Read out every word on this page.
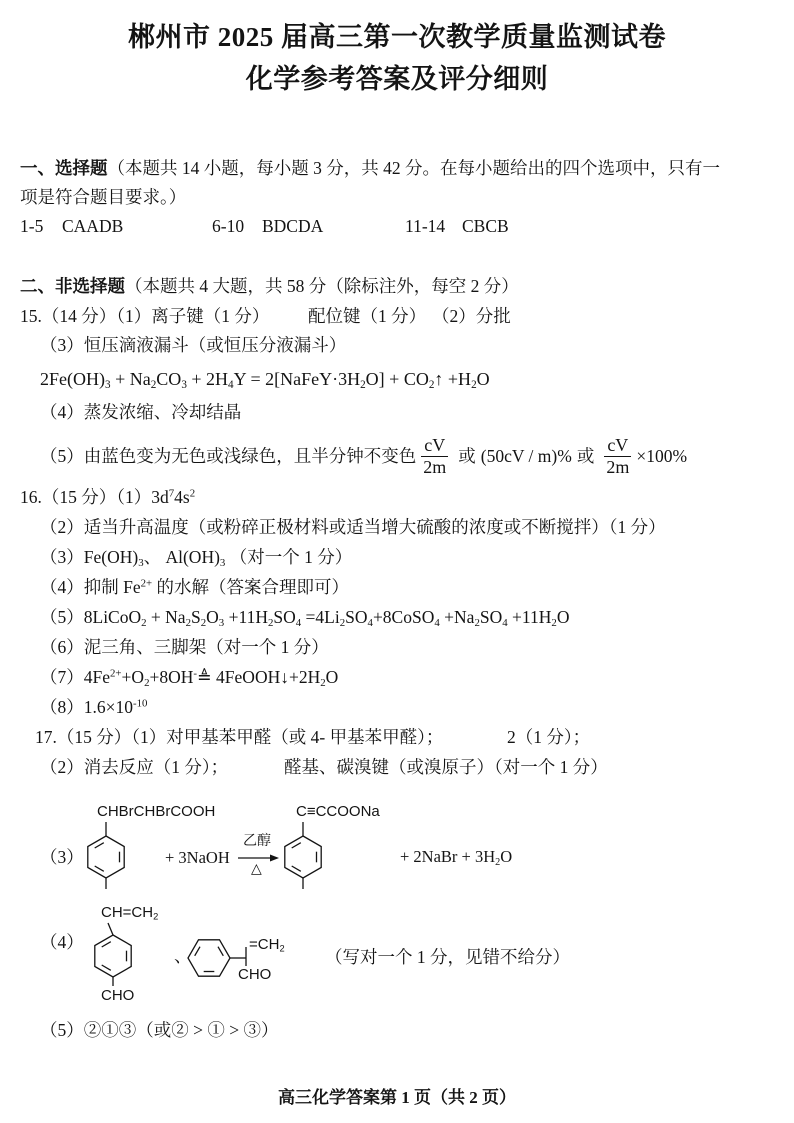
郴州市 2025 届高三第一次教学质量监测试卷
化学参考答案及评分细则
一、选择题（本题共 14 小题，每小题 3 分，共 42 分。在每小题给出的四个选项中，只有一
项是符合题目要求。）
1-5 CAADB	6-10 BDCDA	11-14 CBCB
二、非选择题（本题共 4 大题，共 58 分（除标注外，每空 2 分）
15.（14 分）（1）离子键（1 分） 配位键（1 分） （2）分批
（3）恒压滴液漏斗（或恒压分液漏斗）
$2Fe(OH)_3 + Na_2CO_3 + 2H_4Y$ = $2[NaFeY\cdot 3H_2O]$ + $CO_2↑ +H_2O$
（4）蒸发浓缩、冷却结晶
（5）由蓝色变为无色或浅绿色，且半分钟不变色 $\frac{cV}{2m}$ 或 (50cV / m)% 或 $\frac{cV}{2m} \times 100\%$
16.（15 分）$(1)3d^74s^2$
（2）适当升高温度（或粉碎正极材料或适当增大硫酸的浓度或不断搅拌）（1 分）
$(3)Fe(OH)_3$、 $Al(OH)_3$ （对一个 1 分）
（4）抑制 $Fe^{2+}$ 的水解（答案合理即可）
（5）8LiCoO$_2$ + $Na_2S_2O_3 +11H_2SO_4$ $=4Li_2SO_4+8CoSO_4 +Na_2SO_4 +11H_2O$
（6）泥三角、三脚架（对一个 1 分）
$(7)4Fe^{2+}+O_2+8OH^-≜$ $4FeOOH↓+2H_2O$
$(8)1.6\times 10^{-10}$
17.（15 分）（1）对甲基苯甲醛（或 4- 甲基苯甲醛）；	2（1 分）；
（2）消去反应（1 分）；	醛基、碳溴键（或溴原子）（对一个 1 分）
（3）
CHBrCHBrCOOH
+ 3NaOH
乙醇
△
C≡CCOONa
+ 2NaBr + $3H_2O$
（4）
$CH=CH_2$
CHO
、
$=CH_2$
CHO
（写对一个 1 分，见错不给分）
（5）②①③（或② > ① > ③）
高三化学答案第 1 页（共 2 页）
